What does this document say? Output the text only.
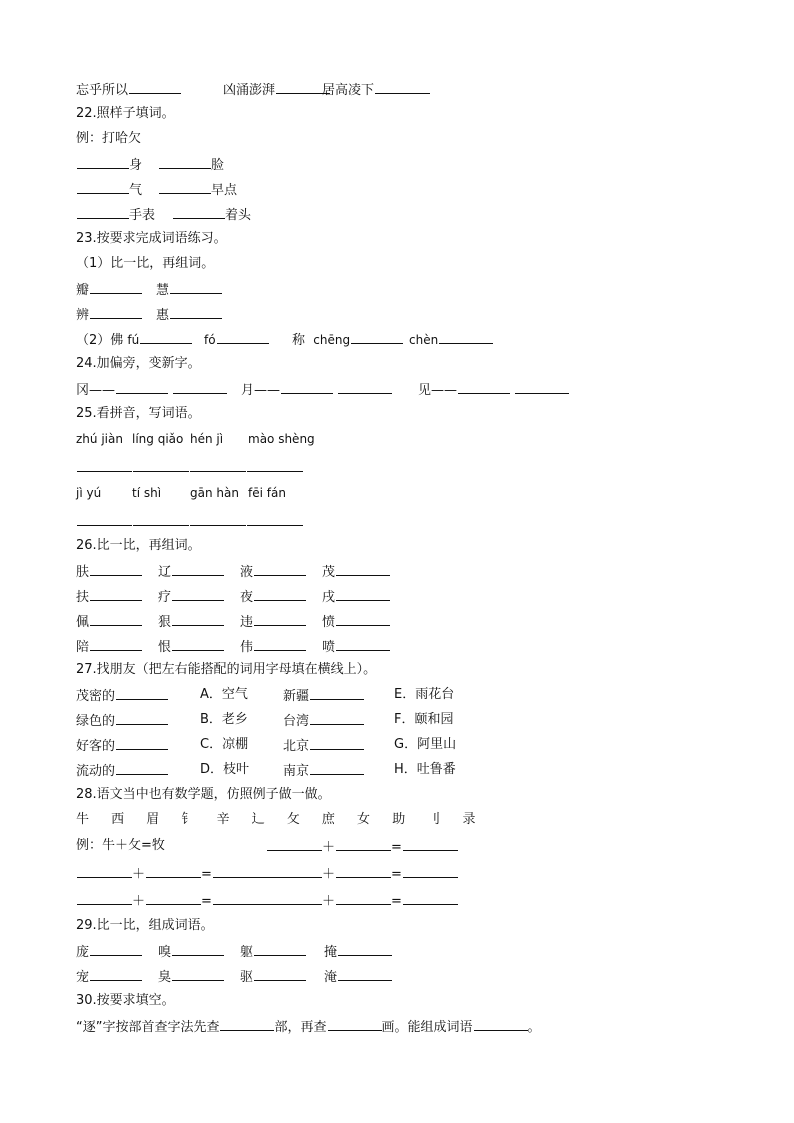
忘乎所以	凶涌澎湃	居高凌下
22.照样子填词。
例：打哈欠
身	脸
气	早点
手表	着头
23.按要求完成词语练习。
（1）比一比，再组词。
瓣	慧
辨	惠
（2）佛 fú	fó	称 chēng	chèn
24.加偏旁，变新字。
冈——	月——	见——
25.看拼音，写词语。
zhú jiàn líng qiǎo hén jì mào shèng
jì yú	tí shì gān hàn fēi fán
26.比一比，再组词。
肤	辽	液	茂
扶	疗	夜	戌
佩	狠	违	愤
陪	恨	伟	喷
27.找朋友（把左右能搭配的词用字母填在横线上）。
茂密的	A．空气	新疆	E．雨花台
绿色的	B．老乡	台湾	F．颐和园
好客的	C．凉棚	北京	G．阿里山
流动的	D．枝叶	南京	H．吐鲁番
28.语文当中也有数学题，仿照例子做一做。
牛 西 眉 钅 辛 辶 攵 庶 女 助 刂 录
例：牛＋攵=牧	＋	=
＋	=	＋	=
＋	=	＋	=
29.比一比，组成词语。
庞	嗅	躯	掩
宠	臭	驱	淹
30.按要求填空。
“逐”字按部首查字法先查	部，再查	画。能组成词语	。
